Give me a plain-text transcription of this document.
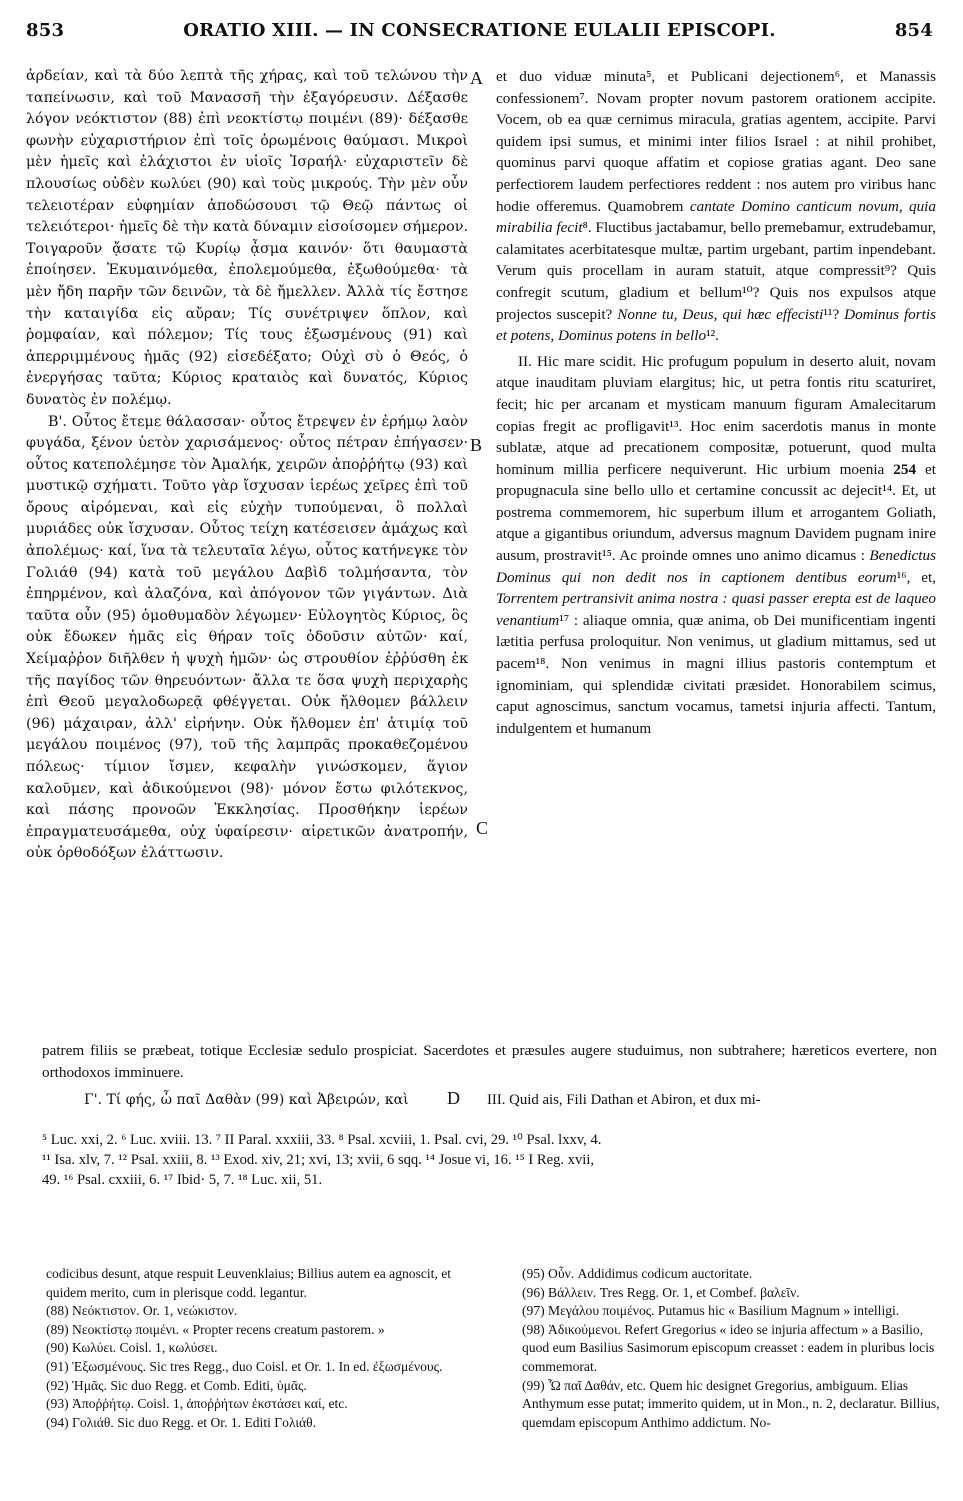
853	ORATIO XIII. — IN CONSECRATIONE EULALII EPISCOPI.	854

ἀρδείαν, καὶ τὰ δύο λεπτὰ τῆς χήρας, καὶ τοῦ τελώνου τὴν ταπείνωσιν, καὶ τοῦ Μανασσῆ τὴν ἐξαγόρευσιν. Δέξασθε λόγον νεόκτιστον (88) ἐπὶ νεοκτίστῳ ποιμένι (89)· δέξασθε φωνὴν εὐχαριστήριον ἐπὶ τοῖς ὁρωμένοις θαύμασι. Μικροὶ μὲν ἡμεῖς καὶ ἐλάχιστοι ἐν υἱοῖς Ἰσραήλ· εὐχαριστεῖν δὲ πλουσίως οὐδὲν κωλύει (90) καὶ τοὺς μικρούς. Τὴν μὲν οὖν τελειοτέραν εὐφημίαν ἀποδώσουσι τῷ Θεῷ πάντως οἱ τελειότεροι· ἡμεῖς δὲ τὴν κατὰ δύναμιν εἰσοίσομεν σήμερον. Τοιγαροῦν ᾄσατε τῷ Κυρίῳ ᾆσμα καινόν· ὅτι θαυμαστὰ ἐποίησεν. Ἐκυμαινόμεθα, ἐπολεμούμεθα, ἐξωθούμεθα· τὰ μὲν ἤδη παρῆν τῶν δεινῶν, τὰ δὲ ἤμελλεν. Ἀλλὰ τίς ἔστησε τὴν καταιγίδα εἰς αὔραν; Τίς συνέτριψεν ὅπλον, καὶ ῥομφαίαν, καὶ πόλεμον; Τίς τους ἐξωσμένους (91) καὶ ἀπερριμμένους ἡμᾶς (92) εἰσεδέξατο; Οὐχὶ σὺ ὁ Θεός, ὁ ἐνεργήσας ταῦτα; Κύριος κραταιὸς καὶ δυνατός, Κύριος δυνατὸς ἐν πολέμῳ.

Β'. Οὗτος ἔτεμε θάλασσαν· οὗτος ἔτρεψεν ἐν ἐρήμῳ λαὸν φυγάδα, ξένον ὑετὸν χαρισάμενος· οὗτος πέτραν ἐπήγασεν· οὗτος κατεπολέμησε τὸν Ἀμαλήκ, χειρῶν ἀποῤῥήτῳ (93) καὶ μυστικῷ σχήματι. Τοῦτο γὰρ ἴσχυσαν ἱερέως χεῖρες ἐπὶ τοῦ ὄρους αἰρόμεναι, καὶ εἰς εὐχὴν τυπούμεναι, ὃ πολλαὶ μυριάδες οὐκ ἴσχυσαν. Οὗτος τείχη κατέσεισεν ἀμάχως καὶ ἀπολέμως· καί, ἵνα τὰ τελευταῖα λέγω, οὗτος κατήνεγκε τὸν Γολιάθ (94) κατὰ τοῦ μεγάλου Δαβὶδ τολμήσαντα, τὸν ἐπηρμένον, καὶ ἀλαζόνα, καὶ ἀπόγονον τῶν γιγάντων. Διὰ ταῦτα οὖν (95) ὁμοθυμαδὸν λέγωμεν· Εὐλογητὸς Κύριος, ὃς οὐκ ἔδωκεν ἡμᾶς εἰς θήραν τοῖς ὀδοῦσιν αὐτῶν· καί, Χείμαῤῥον διῆλθεν ἡ ψυχὴ ἡμῶν· ὡς στρουθίον ἐῤῥύσθη ἐκ τῆς παγίδος τῶν θηρευόντων· ἄλλα τε ὅσα ψυχὴ περιχαρὴς ἐπὶ Θεοῦ μεγαλοδωρεᾷ φθέγγεται. Οὐκ ἤλθομεν βάλλειν (96) μάχαιραν, ἀλλ' εἰρήνην. Οὐκ ἤλθομεν ἐπ' ἀτιμίᾳ τοῦ μεγάλου ποιμένος (97), τοῦ τῆς λαμπρᾶς προκαθεζομένου πόλεως· τίμιον ἴσμεν, κεφαλὴν γινώσκομεν, ἅγιον καλοῦμεν, καὶ ἀδικούμενοι (98)· μόνον ἔστω φιλότεκνος, καὶ πάσης προνοῶν Ἐκκλησίας. Προσθήκην ἱερέων ἐπραγματευσάμεθα, οὐχ ὑφαίρεσιν· αἱρετικῶν ἀνατροπήν, οὐκ ὀρθοδόξων ἐλάττωσιν.

A
B
C

et duo viduæ minuta⁵, et Publicani dejectionem⁶, et Manassis confessionem⁷. Novam propter novum pastorem orationem accipite. Vocem, ob ea quæ cernimus miracula, gratias agentem, accipite. Parvi quidem ipsi sumus, et minimi inter filios Israel : at nihil prohibet, quominus parvi quoque affatim et copiose gratias agant. Deo sane perfectiorem laudem perfectiores reddent : nos autem pro viribus hanc hodie offeremus. Quamobrem cantate Domino canticum novum, quia mirabilia fecit⁸. Fluctibus jactabamur, bello premebamur, extrudebamur, calamitates acerbitatesque multæ, partim urgebant, partim inpendebant. Verum quis procellam in auram statuit, atque compressit⁹? Quis confregit scutum, gladium et bellum¹⁰? Quis nos expulsos atque projectos suscepit? Nonne tu, Deus, qui hæc effecisti¹¹? Dominus fortis et potens, Dominus potens in bello¹².

II. Hic mare scidit. Hic profugum populum in deserto aluit, novam atque inauditam pluviam elargitus; hic, ut petra fontis ritu scaturiret, fecit; hic per arcanam et mysticam manuum figuram Amalecitarum copias fregit ac profligavit¹³. Hoc enim sacerdotis manus in monte sublatæ, atque ad precationem compositæ, potuerunt, quod multa hominum millia perficere nequiverunt. Hic urbium moenia 254 et propugnacula sine bello ullo et certamine concussit ac dejecit¹⁴. Et, ut postrema commemorem, hic superbum illum et arrogantem Goliath, atque a gigantibus oriundum, adversus magnum Davidem pugnam inire ausum, prostravit¹⁵. Ac proinde omnes uno animo dicamus : Benedictus Dominus qui non dedit nos in captionem dentibus eorum¹⁶, et, Torrentem pertransivit anima nostra : quasi passer erepta est de laqueo venantium¹⁷ : aliaque omnia, quæ anima, ob Dei munificentiam ingenti lætitia perfusa proloquitur. Non venimus, ut gladium mittamus, sed ut pacem¹⁸. Non venimus in magni illius pastoris contemptum et ignominiam, qui splendidæ civitati præsidet. Honorabilem scimus, caput agnoscimus, sanctum vocamus, tametsi injuria affecti. Tantum, indulgentem et humanum

patrem filiis se præbeat, totique Ecclesiæ sedulo prospiciat. Sacerdotes et præsules augere studuimus, non subtrahere; hæreticos evertere, non orthodoxos imminuere.
Γ'. Τί φής, ὦ παῖ Δαθὰν (99) καὶ Ἀβειρών, καὶ D III. Quid ais, Fili Dathan et Abiron, et dux mi-
⁵ Luc. xxi, 2. ⁶ Luc. xviii. 13. ⁷ II Paral. xxxiii, 33. ⁸ Psal. xcviii, 1. Psal. cvi, 29. ¹⁰ Psal. lxxv, 4.
¹¹ Isa. xlv, 7. ¹² Psal. xxiii, 8. ¹³ Exod. xiv, 21; xvi, 13; xvii, 6 sqq. ¹⁴ Josue vi, 16. ¹⁵ I Reg. xvii,
49. ¹⁶ Psal. cxxiii, 6. ¹⁷ Ibid· 5, 7. ¹⁸ Luc. xii, 51.

codicibus desunt, atque respuit Leuvenklaius; Billius autem ea agnoscit, et quidem merito, cum in plerisque codd. legantur.

(88) Νεόκτιστον. Or. 1, νεώκιστον.

(89) Νεοκτίστῳ ποιμένι. « Propter recens creatum pastorem. »

(90) Κωλύει. Coisl. 1, κωλύσει.

(91) Ἐξωσμένους. Sic tres Regg., duo Coisl. et Or. 1. In ed. ἐξωσμένους.

(92) Ἡμᾶς. Sic duo Regg. et Comb. Editi, ὑμᾶς.

(93) Ἀποῤῥήτῳ. Coisl. 1, ἀποῤῥήτων ἐκστάσει καί, etc.

(94) Γολιάθ. Sic duo Regg. et Or. 1. Editi Γολιάθ.

(95) Οὖν. Addidimus codicum auctoritate.

(96) Βάλλειν. Tres Regg. Or. 1, et Combef. βαλεῖν.

(97) Μεγάλου ποιμένος. Putamus hic « Basilium Magnum » intelligi.

(98) Ἀδικούμενοι. Refert Gregorius « ideo se injuria affectum » a Basilio, quod eum Basilius Sasimorum episcopum creasset : eadem in pluribus locis commemorat.

(99) Ὦ παῖ Δαθάν, etc. Quem hic designet Gregorius, ambiguum. Elias Anthymum esse putat; immerito quidem, ut in Mon., n. 2, declaratur. Billius, quemdam episcopum Anthimo addictum. No-
